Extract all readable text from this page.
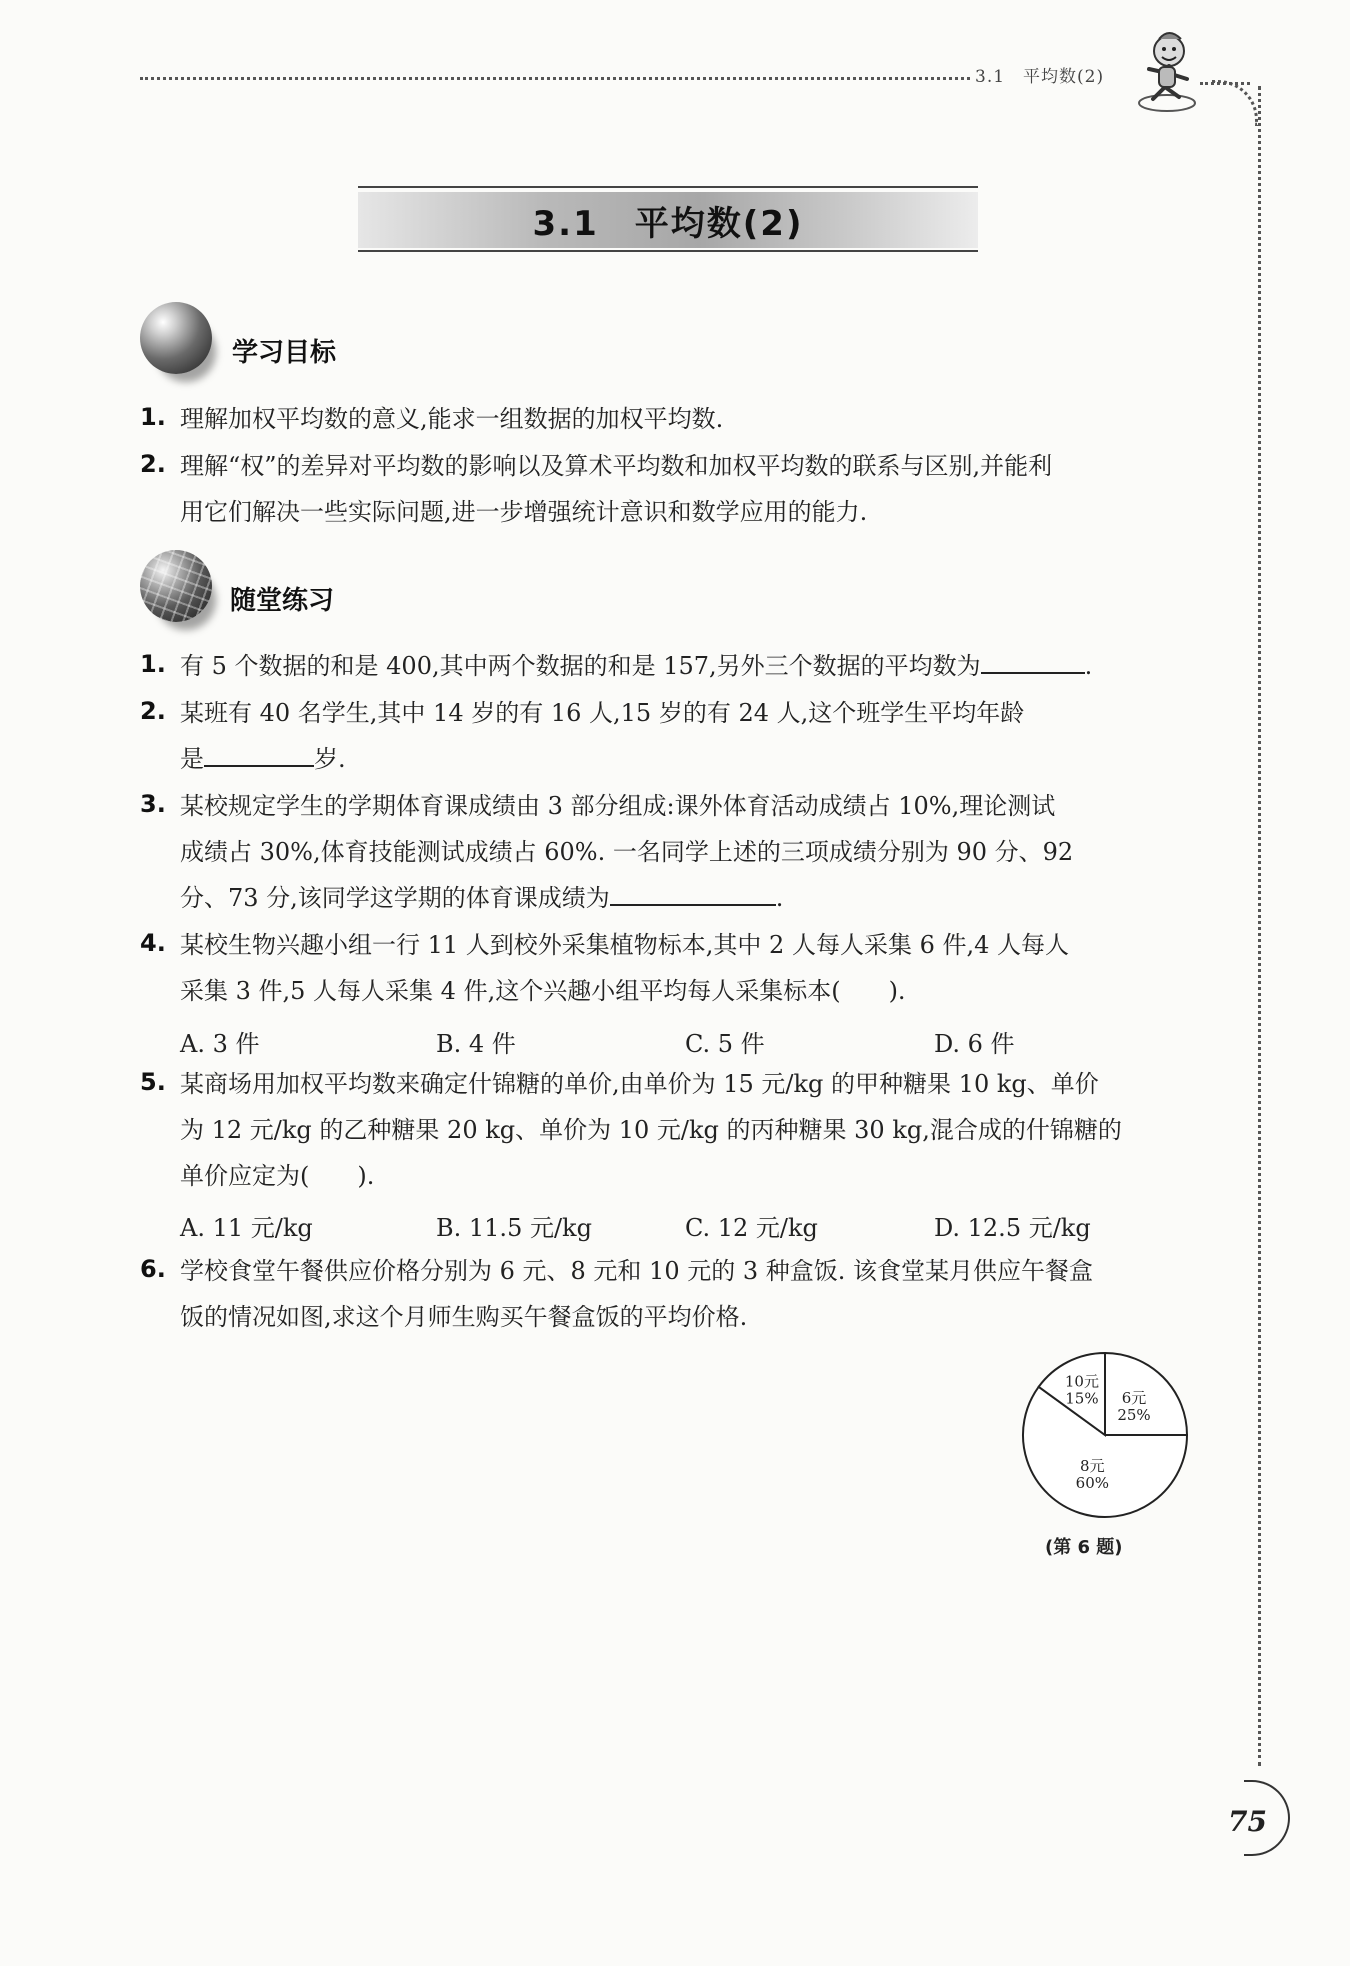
3.1　平均数(2)
3.1　平均数(2)
学习目标
1. 理解加权平均数的意义,能求一组数据的加权平均数.
2. 理解“权”的差异对平均数的影响以及算术平均数和加权平均数的联系与区别,并能利
用它们解决一些实际问题,进一步增强统计意识和数学应用的能力.
随堂练习
1. 有 5 个数据的和是 400,其中两个数据的和是 157,另外三个数据的平均数为	.
2. 某班有 40 名学生,其中 14 岁的有 16 人,15 岁的有 24 人,这个班学生平均年龄
是	岁.
3. 某校规定学生的学期体育课成绩由 3 部分组成:课外体育活动成绩占 10%,理论测试
成绩占 30%,体育技能测试成绩占 60%. 一名同学上述的三项成绩分别为 90 分、92
分、73 分,该同学这学期的体育课成绩为	.
4. 某校生物兴趣小组一行 11 人到校外采集植物标本,其中 2 人每人采集 6 件,4 人每人
采集 3 件,5 人每人采集 4 件,这个兴趣小组平均每人采集标本(　　).
A. 3 件	B. 4 件	C. 5 件	D. 6 件
5. 某商场用加权平均数来确定什锦糖的单价,由单价为 15 元/kg 的甲种糖果 10 kg、单价
为 12 元/kg 的乙种糖果 20 kg、单价为 10 元/kg 的丙种糖果 30 kg,混合成的什锦糖的
单价应定为(　　).
A. 11 元/kg	B. 11.5 元/kg	C. 12 元/kg	D. 12.5 元/kg
6. 学校食堂午餐供应价格分别为 6 元、8 元和 10 元的 3 种盒饭. 该食堂某月供应午餐盒
饭的情况如图,求这个月师生购买午餐盒饭的平均价格.
6元
25%
8元
60%
10元
15%
(第 6 题)
75
